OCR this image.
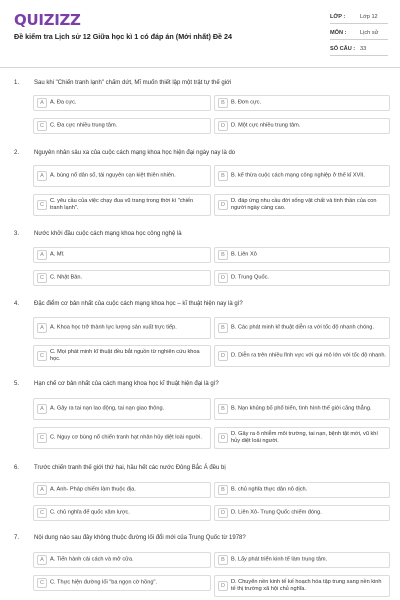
QUIZIZZ
Đề kiểm tra Lịch sử 12 Giữa học kì 1 có đáp án (Mới nhất) Đề 24
LỚP :	Lớp 12
MÔN : Lịch sử
SỐ CÂU : 33
1. Sau khi "Chiến tranh lạnh" chấm dứt, Mĩ muốn thiết lập một trật tự thế giới
A	A. Đa cực.	B	B. Đơn cực.
C	C. Đa cực nhiều trung tâm.	D	D. Một cực nhiều trung tâm.
2. Nguyên nhân sâu xa của cuộc cách mạng khoa học hiện đại ngày nay là do
A	A. bùng nổ dân số, tài nguyên cạn kiệt thiên nhiên.	B	B. kế thừa cuộc cách mạng công nghiệp ở thế kỉ XVII.
C
C. yêu cầu của việc chạy đua vũ trang trong thời kì "chiến tranh lạnh".	D
D. đáp ứng nhu cầu đời sống vật chất và tinh thần của con người ngày càng cao.
3. Nước khởi đầu cuộc cách mạng khoa học công nghệ là
A	A. Mĩ.	B	B. Liên Xô
C	C. Nhật Bản.	D	D. Trung Quốc.
4. Đặc điểm cơ bản nhất của cuộc cách mạng khoa học – kĩ thuật hiện nay là gì?
A	A. Khoa học trở thành lực lượng sản xuất trực tiếp.	B	B. Các phát minh kĩ thuật diễn ra với tốc độ nhanh chóng.
C
C. Mọi phát minh kĩ thuật đều bắt nguồn từ nghiên cứu khoa học.	D	D. Diễn ra trên nhiều lĩnh vực với qui mô lớn với tốc độ nhanh.
5. Hạn chế cơ bản nhất của cách mạng khoa học kĩ thuật hiện đại là gì?
A	A. Gây ra tai nạn lao động, tai nạn giao thông.	B	B. Nạn khủng bố phổ biến, tình hình thế giới căng thẳng.
C	C. Nguy cơ bùng nổ chiến tranh hạt nhân hủy diệt loài người.	D
D. Gây ra ô nhiễm môi trường, tai nạn, bệnh tật mới, vũ khí hủy diệt loài người.
6. Trước chiến tranh thế giới thứ hai, hầu hết các nước Đông Bắc Á đều bị
A	A. Anh- Pháp chiếm làm thuộc địa.	B	B. chủ nghĩa thực dân nô dịch.
C	C. chủ nghĩa đế quốc xâm lược.	D	D. Liên Xô- Trung Quốc chiếm đóng.
7. Nội dung nào sau đây không thuộc đường lối đổi mới của Trung Quốc từ 1978?
A	A. Tiến hành cải cách và mở cửa.	B	B. Lấy phát triển kinh tế làm trung tâm.
C	C. Thực hiện đường lối "ba ngọn cờ hồng".
D
D. Chuyển nền kinh tế kế hoạch hóa tập trung sang nền kinh tế thị trường xã hội chủ nghĩa.
